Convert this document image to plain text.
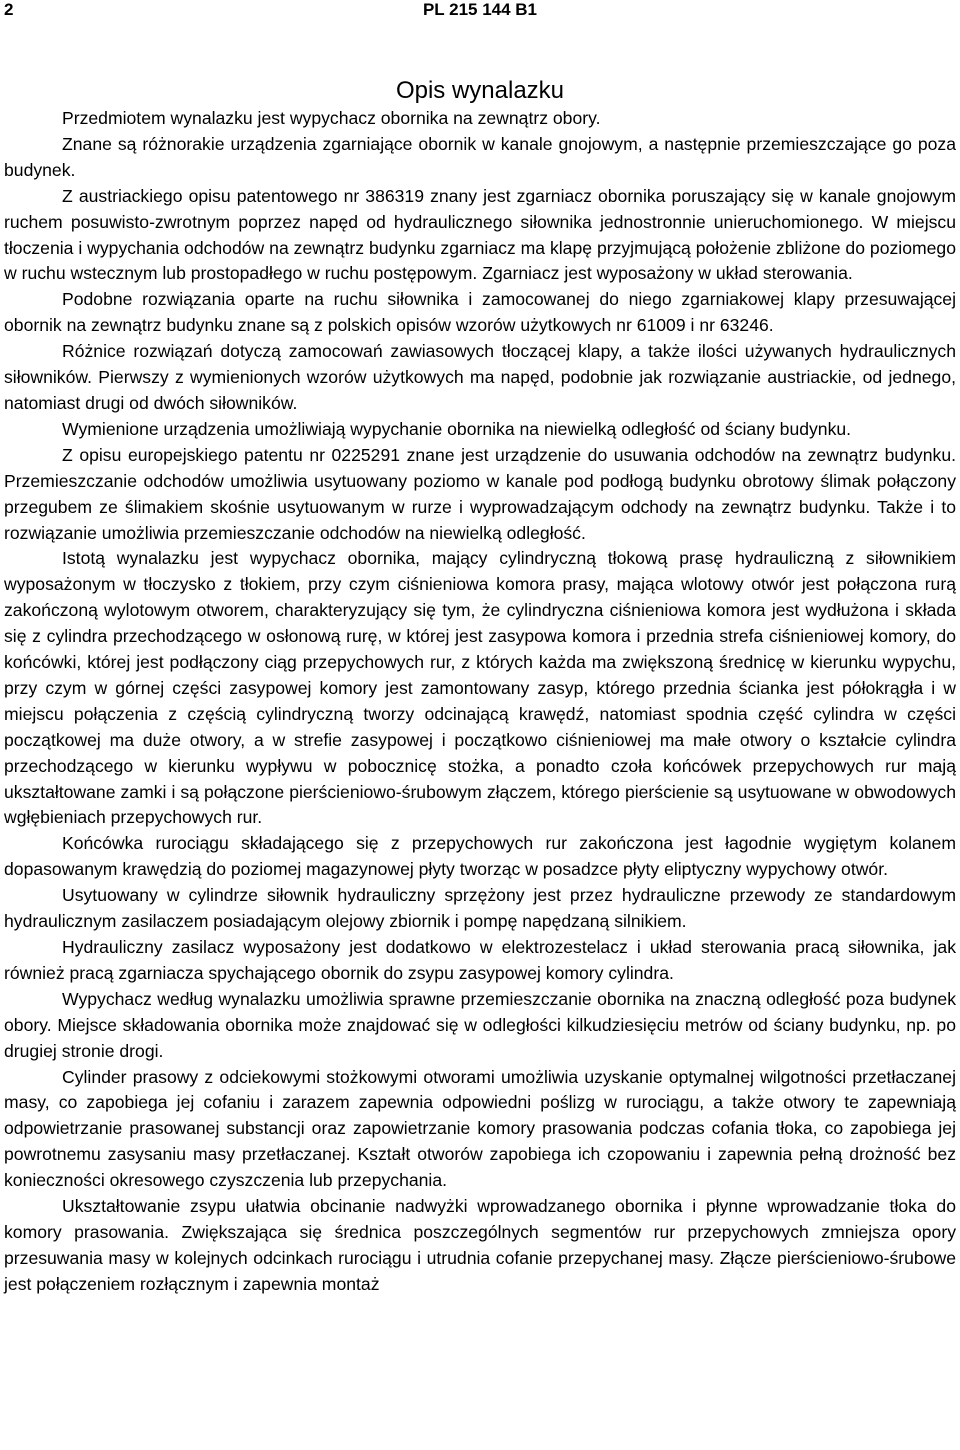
2	PL 215 144 B1
Opis wynalazku

Przedmiotem wynalazku jest wypychacz obornika na zewnątrz obory.

Znane są różnorakie urządzenia zgarniające obornik w kanale gnojowym, a następnie przemieszczające go poza budynek.

Z austriackiego opisu patentowego nr 386319 znany jest zgarniacz obornika poruszający się w kanale gnojowym ruchem posuwisto-zwrotnym poprzez napęd od hydraulicznego siłownika jednostronnie unieruchomionego. W miejscu tłoczenia i wypychania odchodów na zewnątrz budynku zgarniacz ma klapę przyjmującą położenie zbliżone do poziomego w ruchu wstecznym lub prostopadłego w ruchu postępowym. Zgarniacz jest wyposażony w układ sterowania.

Podobne rozwiązania oparte na ruchu siłownika i zamocowanej do niego zgarniakowej klapy przesuwającej obornik na zewnątrz budynku znane są z polskich opisów wzorów użytkowych nr 61009 i nr 63246.

Różnice rozwiązań dotyczą zamocowań zawiasowych tłoczącej klapy, a także ilości używanych hydraulicznych siłowników. Pierwszy z wymienionych wzorów użytkowych ma napęd, podobnie jak rozwiązanie austriackie, od jednego, natomiast drugi od dwóch siłowników.

Wymienione urządzenia umożliwiają wypychanie obornika na niewielką odległość od ściany budynku.

Z opisu europejskiego patentu nr 0225291 znane jest urządzenie do usuwania odchodów na zewnątrz budynku. Przemieszczanie odchodów umożliwia usytuowany poziomo w kanale pod podłogą budynku obrotowy ślimak połączony przegubem ze ślimakiem skośnie usytuowanym w rurze i wyprowadzającym odchody na zewnątrz budynku. Także i to rozwiązanie umożliwia przemieszczanie odchodów na niewielką odległość.

Istotą wynalazku jest wypychacz obornika, mający cylindryczną tłokową prasę hydrauliczną z siłownikiem wyposażonym w tłoczysko z tłokiem, przy czym ciśnieniowa komora prasy, mająca wlotowy otwór jest połączona rurą zakończoną wylotowym otworem, charakteryzujący się tym, że cylindryczna ciśnieniowa komora jest wydłużona i składa się z cylindra przechodzącego w osłonową rurę, w której jest zasypowa komora i przednia strefa ciśnieniowej komory, do końcówki, której jest podłączony ciąg przepychowych rur, z których każda ma zwiększoną średnicę w kierunku wypychu, przy czym w górnej części zasypowej komory jest zamontowany zasyp, którego przednia ścianka jest półokrągła i w miejscu połączenia z częścią cylindryczną tworzy odcinającą krawędź, natomiast spodnia część cylindra w części początkowej ma duże otwory, a w strefie zasypowej i początkowo ciśnieniowej ma małe otwory o kształcie cylindra przechodzącego w kierunku wypływu w pobocznicę stożka, a ponadto czoła końcówek przepychowych rur mają ukształtowane zamki i są połączone pierścieniowo-śrubowym złączem, którego pierścienie są usytuowane w obwodowych wgłębieniach przepychowych rur.

Końcówka rurociągu składającego się z przepychowych rur zakończona jest łagodnie wygiętym kolanem dopasowanym krawędzią do poziomej magazynowej płyty tworząc w posadzce płyty eliptyczny wypychowy otwór.

Usytuowany w cylindrze siłownik hydrauliczny sprzężony jest przez hydrauliczne przewody ze standardowym hydraulicznym zasilaczem posiadającym olejowy zbiornik i pompę napędzaną silnikiem.

Hydrauliczny zasilacz wyposażony jest dodatkowo w elektrozestelacz i układ sterowania pracą siłownika, jak również pracą zgarniacza spychającego obornik do zsypu zasypowej komory cylindra.

Wypychacz według wynalazku umożliwia sprawne przemieszczanie obornika na znaczną odległość poza budynek obory. Miejsce składowania obornika może znajdować się w odległości kilkudziesięciu metrów od ściany budynku, np. po drugiej stronie drogi.

Cylinder prasowy z odciekowymi stożkowymi otworami umożliwia uzyskanie optymalnej wilgotności przetłaczanej masy, co zapobiega jej cofaniu i zarazem zapewnia odpowiedni poślizg w rurociągu, a także otwory te zapewniają odpowietrzanie prasowanej substancji oraz zapowietrzanie komory prasowania podczas cofania tłoka, co zapobiega jej powrotnemu zasysaniu masy przetłaczanej. Kształt otworów zapobiega ich czopowaniu i zapewnia pełną drożność bez konieczności okresowego czyszczenia lub przepychania.

Ukształtowanie zsypu ułatwia obcinanie nadwyżki wprowadzanego obornika i płynne wprowadzanie tłoka do komory prasowania. Zwiększająca się średnica poszczególnych segmentów rur przepychowych zmniejsza opory przesuwania masy w kolejnych odcinkach rurociągu i utrudnia cofanie przepychanej masy. Złącze pierścieniowo-śrubowe jest połączeniem rozłącznym i zapewnia montaż
